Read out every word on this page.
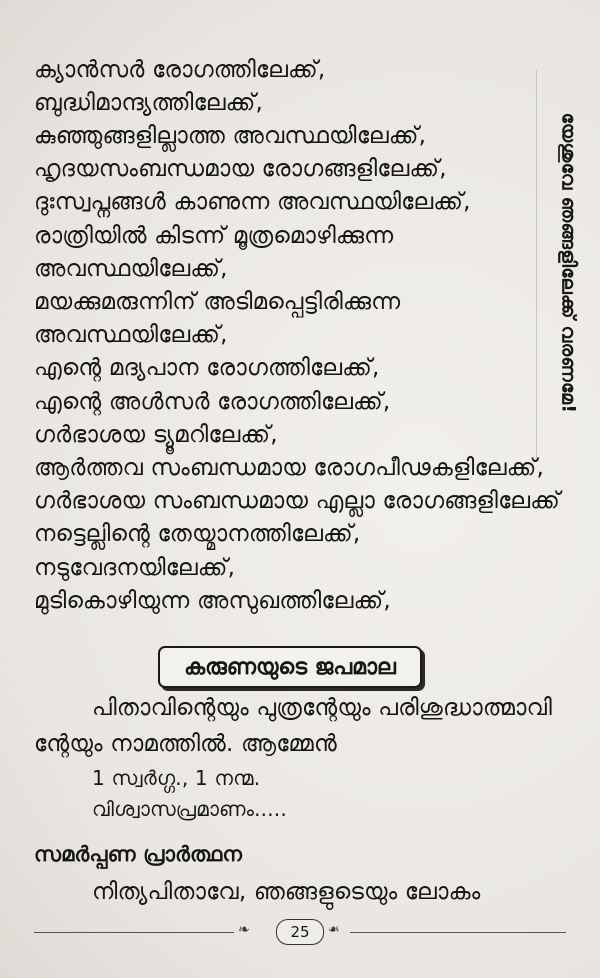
യേശുവേ ഞങ്ങളിലേക്ക് വരണമേ!
ക്യാൻസർ രോഗത്തിലേക്ക്,
ബുദ്ധിമാന്ദ്യത്തിലേക്ക്,
കുഞ്ഞുങ്ങളില്ലാത്ത അവസ്ഥയിലേക്ക്,
ഹൃദയസംബന്ധമായ രോഗങ്ങളിലേക്ക്,
ദുഃസ്വപ്നങ്ങൾ കാണുന്ന അവസ്ഥയിലേക്ക്,
രാത്രിയിൽ കിടന്ന് മൂത്രമൊഴിക്കുന്ന
അവസ്ഥയിലേക്ക്,
മയക്കുമരുന്നിന് അടിമപ്പെട്ടിരിക്കുന്ന
അവസ്ഥയിലേക്ക്,
എന്റെ മദ്യപാന രോഗത്തിലേക്ക്,
എന്റെ അൾസർ രോഗത്തിലേക്ക്,
ഗർഭാശയ ട്യൂമറിലേക്ക്,
ആർത്തവ സംബന്ധമായ രോഗപീഢകളിലേക്ക്,
ഗർഭാശയ സംബന്ധമായ എല്ലാ രോഗങ്ങളിലേക്ക്
നട്ടെല്ലിന്റെ തേയ്മാനത്തിലേക്ക്,
നടുവേദനയിലേക്ക്,
മുടികൊഴിയുന്ന അസുഖത്തിലേക്ക്,
കരുണയുടെ ജപമാല
പിതാവിന്റെയും പുത്രന്റേയും പരിശുദ്ധാത്മാവി
ന്റേയും നാമത്തിൽ. ആമ്മേൻ
1 സ്വർഗ്ഗ., 1 നന്മ.
വിശ്വാസപ്രമാണം.....
സമർപ്പണ പ്രാർത്ഥന
നിത്യപിതാവേ, ഞങ്ങളുടെയും ലോകം
❧	25 ❧
